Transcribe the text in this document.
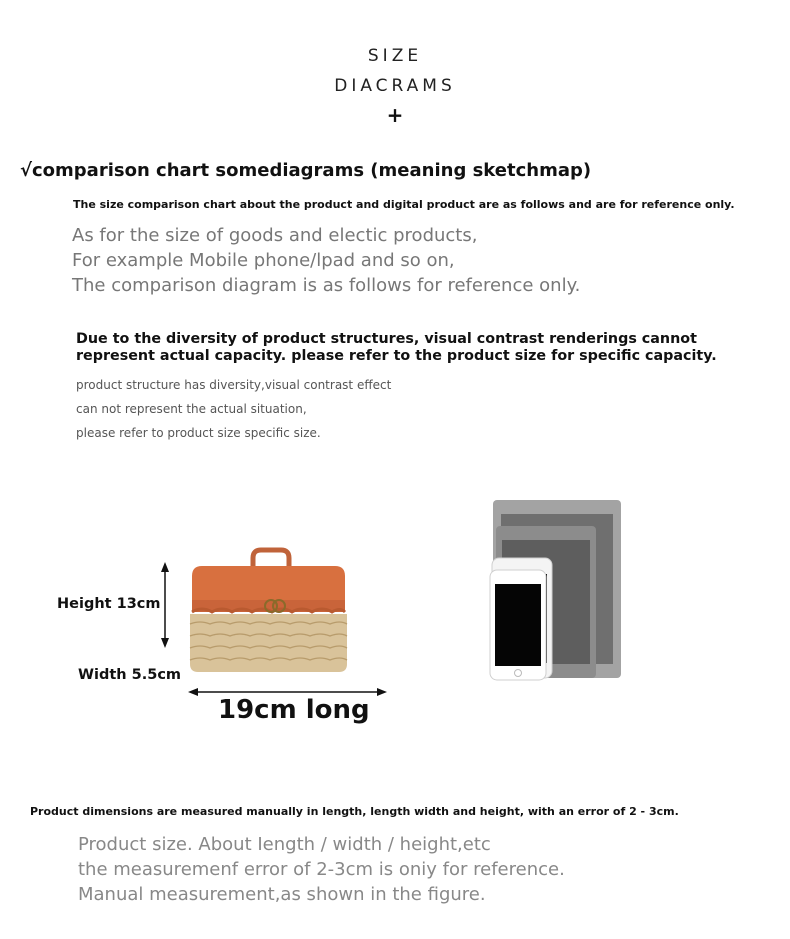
SIZE
DIACRAMS
+
√comparison chart somediagrams (meaning sketchmap)
The size comparison chart about the product and digital product are as follows and are for reference only.
As for the size of goods and electic products,
For example Mobile phone/lpad and so on,
The comparison diagram is as follows for reference only.
Due to the diversity of product structures, visual contrast renderings cannot
represent actual capacity. please refer to the product size for specific capacity.
product structure has diversity,visual contrast effect
can not represent the actual situation,
please refer to product size specific size.
Height 13cm
Width 5.5cm
19cm long
Product dimensions are measured manually in length, length width and height, with an error of 2 - 3cm.
Product size. About Iength / width / height,etc
the measuremenf error of 2-3cm is oniy for reference.
Manual measurement,as shown in the figure.
